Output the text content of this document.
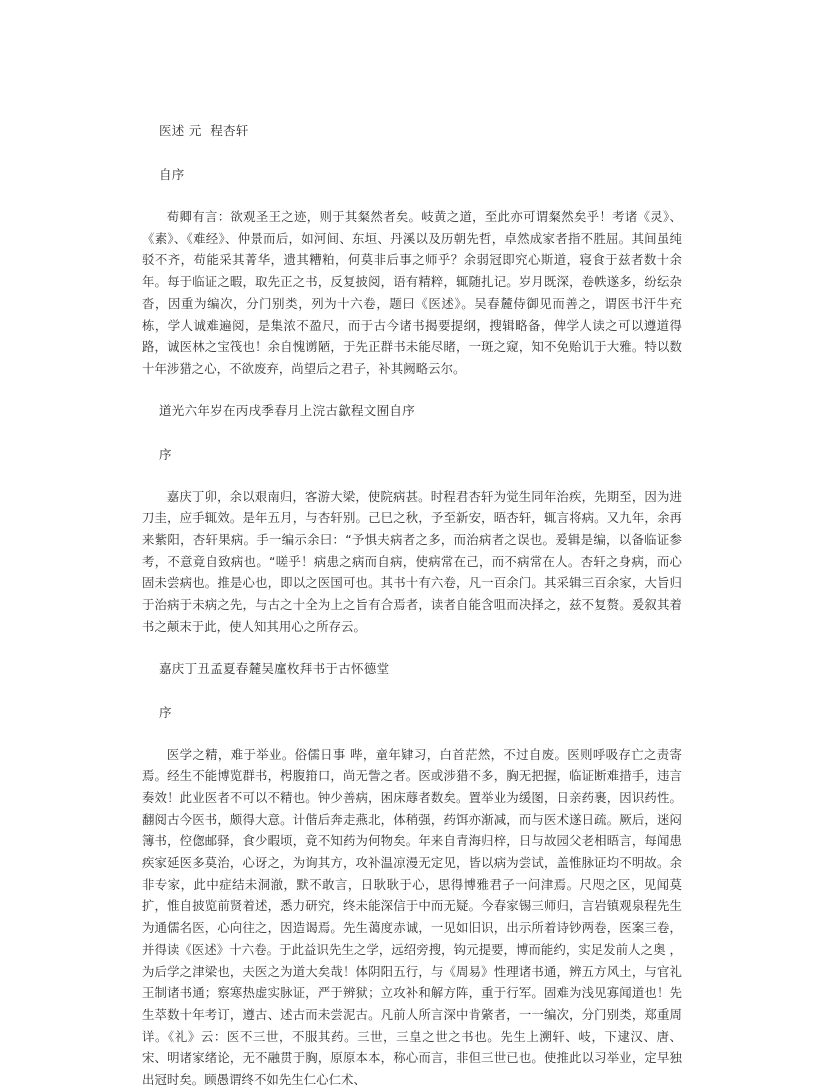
医述 元  程杏轩
自序

荀卿有言：欲观圣王之迹，则于其粲然者矣。岐黄之道，至此亦可谓粲然矣乎！考诸《灵》、《素》、《难经》、仲景而后，如河间、东垣、丹溪以及历朝先哲，卓然成家者指不胜屈。其间虽纯驳不齐，苟能采其菁华，遗其糟粕，何莫非后事之师乎？余弱冠即究心斯道，寝食于兹者数十余年。每于临证之暇，取先正之书，反复披阅，语有精粹，辄随扎记。岁月既深，卷帙遂多，纷纭杂沓，因重为编次，分门别类，列为十六卷，题曰《医述》。吴春麓侍御见而善之，谓医书汗牛充栋，学人诚难遍阅，是集浓不盈尺，而于古今诸书揭要提纲，搜辑略备，俾学人读之可以遵道得路，诚医林之宝筏也！余自愧谫陋，于先正群书未能尽睹，一斑之窥，知不免贻讥于大雅。特以数十年涉猎之心，不欲废弃，尚望后之君子，补其阙略云尔。

道光六年岁在丙戌季春月上浣古歙程文囿自序
序

嘉庆丁卯，余以艰南归，客游大梁，使院病甚。时程君杏轩为觉生同年治疾，先期至，因为进刀圭，应手辄效。是年五月，与杏轩别。己巳之秋，予至新安，晤杏轩，辄言将病。又九年，余再来紫阳，杏轩果病。手一编示余曰：“予惧夫病者之多，而治病者之误也。爰辑是编，以备临证参考，不意竟自致病也。“嗟乎！病患之病而自病，使病常在己，而不病常在人。杏轩之身病，而心固未尝病也。推是心也，即以之医国可也。其书十有六卷，凡一百余门。其采辑三百余家，大旨归于治病于未病之先，与古之十全为上之旨有合焉者，读者自能含咀而决择之，兹不复赘。爰叙其着书之颠末于此，使人知其用心之所存云。

嘉庆丁丑孟夏春麓吴廑枚拜书于古怀德堂
序

医学之精，难于举业。俗儒日事 哔，童年肄习，白首茫然，不过自废。医则呼吸存亡之责寄焉。经生不能博览群书，枵腹箝口，尚无訾之者。医或涉猎不多，胸无把握，临证断难措手，违言奏效！此业医者不可以不精也。钟少善病，困床蓐者数矣。置举业为缓图，日亲药裹，因识药性。翻阅古今医书，颇得大意。计偕后奔走燕北，体稍强，药饵亦渐减，而与医术遂日疏。厥后，迷闷簿书，倥偬邮驿，食少暇顷，竟不知药为何物矣。年来自青海归梓，日与故园父老相晤言，每闻患疾家延医多莫治，心讶之，为询其方，攻补温凉漫无定见，皆以病为尝试，盖惟脉证均不明故。余非专家，此中症结未洞澈，默不敢言，日耿耿于心，思得博雅君子一问津焉。尺咫之区，见闻莫扩，惟自披览前贤着述，悉力研究，终未能深信于中而无疑。今春家锡三师归，言岩镇观泉程先生为通儒名医，心向往之，因造谒焉。先生蔼度赤诚，一见如旧识，出示所着诗钞两卷，医案三卷，并得读《医述》十六卷。于此益识先生之学，远绍旁搜，钩元提要，博而能约，实足发前人之奥 ，为后学之津梁也，夫医之为道大矣哉！体阴阳五行，与《周易》性理诸书通，辨五方风土，与官礼王制诸书通；察寒热虚实脉证，严于辨狱；立攻补和解方阵，重于行军。固难为浅见寡闻道也！先生萃数十年考订，遵古、述古而未尝泥古。凡前人所言深中肯綮者，一一编次，分门别类，郑重周详。《礼》云：医不三世，不服其药。三世，三皇之世之书也。先生上溯轩、岐，下逮汉、唐、宋、明诸家绪论，无不融贯于胸，原原本本，称心而言，非但三世已也。使推此以习举业，定早独出冠时矣。顾愚谓终不如先生仁心仁术、
